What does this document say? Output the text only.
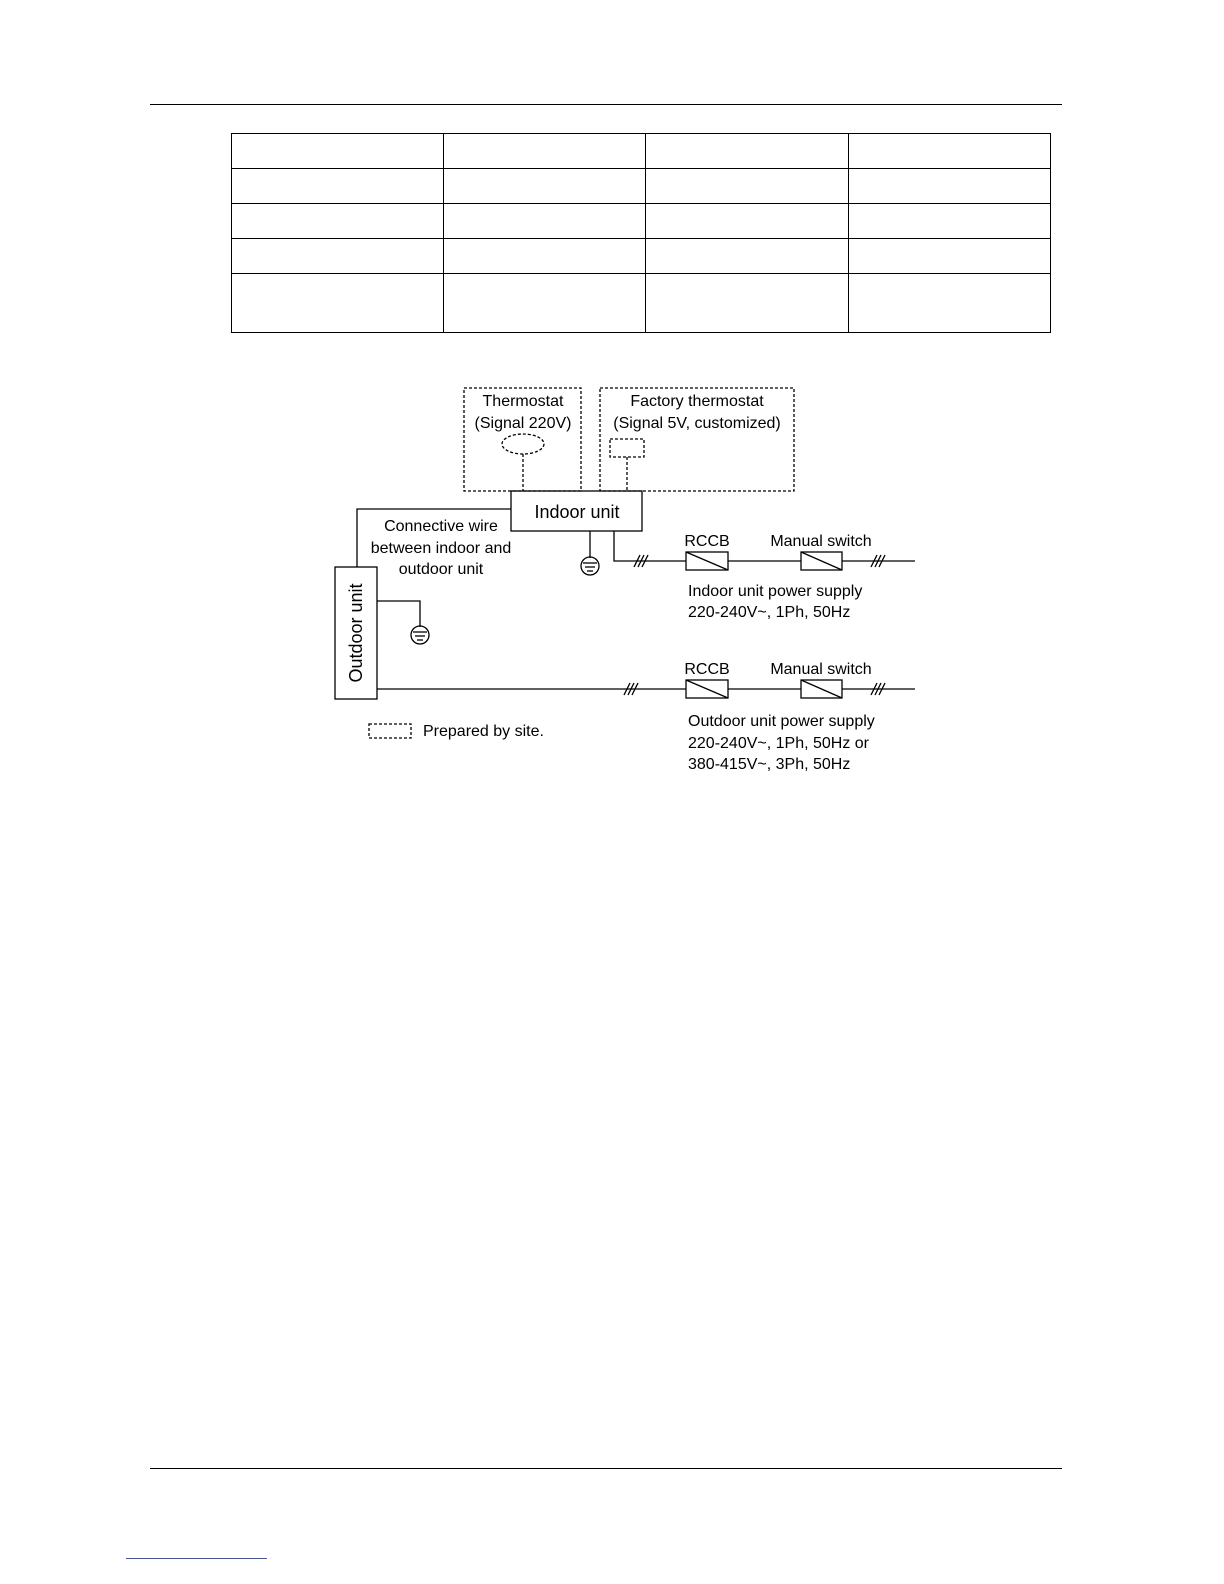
Thermostat
(Signal 220V)
Factory thermostat
(Signal 5V, customized)
Indoor unit
Connective wire
between indoor and
outdoor unit
Outdoor unit
RCCB	Manual switch
Indoor unit power supply
220-240V~, 1Ph, 50Hz
RCCB	Manual switch
Outdoor unit power supply
220-240V~, 1Ph, 50Hz or
380-415V~, 3Ph, 50Hz
Prepared by site.
